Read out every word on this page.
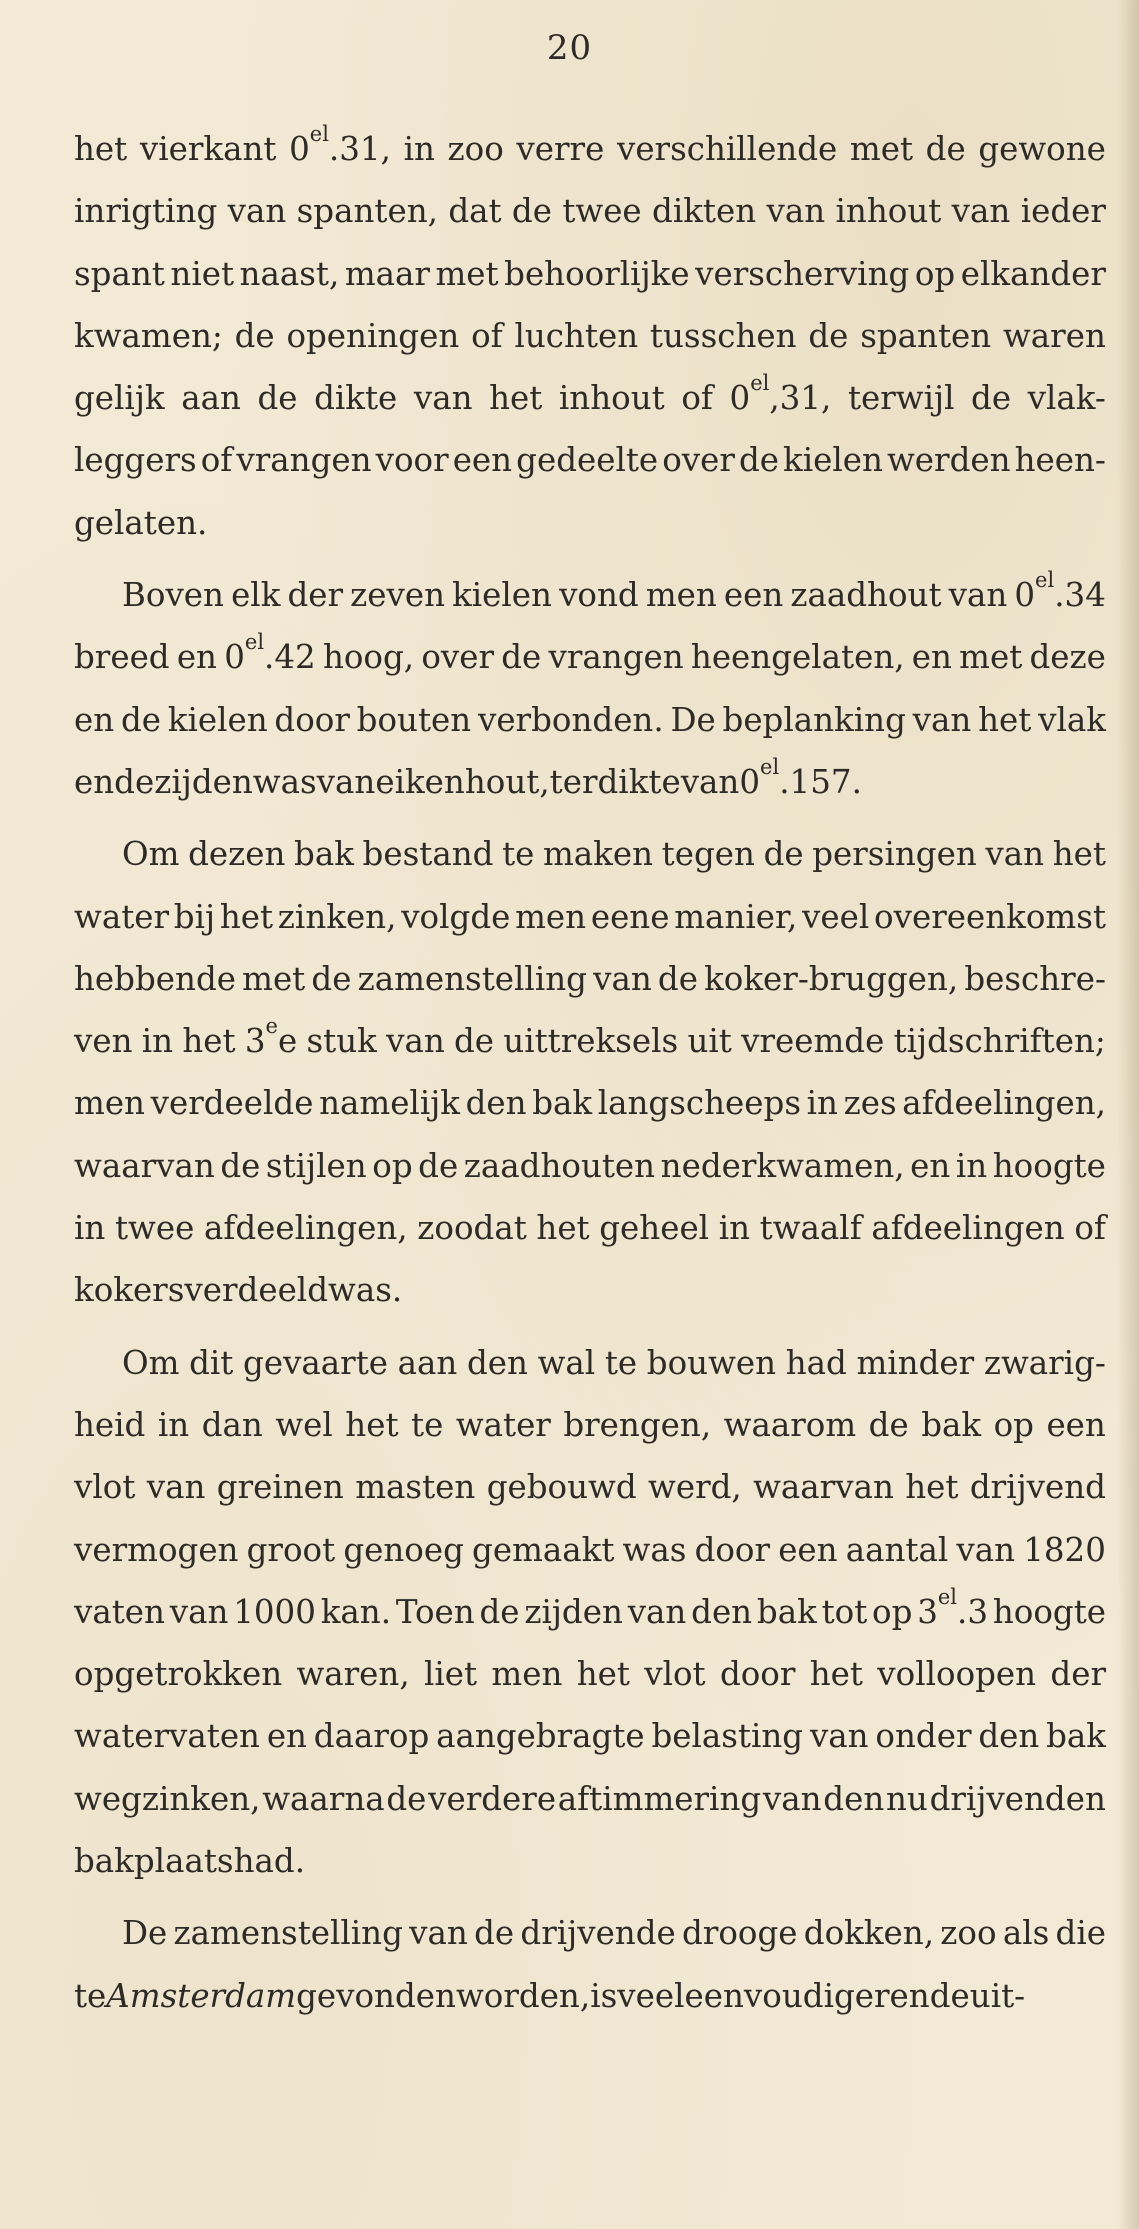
20
het vierkant $0^{el}.31$, in zoo verre verschillende met de gewone
inrigting van spanten, dat de twee dikten van inhout van ieder
spant niet naast, maar met behoorlijke verscherving op elkander
kwamen; de openingen of luchten tusschen de spanten waren
gelijk aan de dikte van het inhout of $0^{el},31$, terwijl de vlak-
leggers of vrangen voor een gedeelte over de kielen werden heen-
gelaten.
Boven elk der zeven kielen vond men een zaadhout van $0^{el}.34$
breed en $0^{el}.42$ hoog, over de vrangen heengelaten, en met deze
en de kielen door bouten verbonden. De beplanking van het vlak
en de zijden was van eikenhout, ter dikte van $0^{el}.157$.
Om dezen bak bestand te maken tegen de persingen van het
water bij het zinken, volgde men eene manier, veel overeenkomst
hebbende met de zamenstelling van de koker-bruggen, beschre-
ven in het 3ee stuk van de uittreksels uit vreemde tijdschriften;
men verdeelde namelijk den bak langscheeps in zes afdeelingen,
waarvan de stijlen op de zaadhouten nederkwamen, en in hoogte
in twee afdeelingen, zoodat het geheel in twaalf afdeelingen of
kokers verdeeld was.
Om dit gevaarte aan den wal te bouwen had minder zwarig-
heid in dan wel het te water brengen, waarom de bak op een
vlot van greinen masten gebouwd werd, waarvan het drijvend
vermogen groot genoeg gemaakt was door een aantal van 1820
vaten van 1000 kan. Toen de zijden van den bak tot op $3^{el}.3$ hoogte
opgetrokken waren, liet men het vlot door het volloopen der
watervaten en daarop aangebragte belasting van onder den bak
wegzinken, waarna de verdere aftimmering van den nu drijvenden
bak plaats had.
De zamenstelling van de drijvende drooge dokken, zoo als die
te Amsterdam gevonden worden, is veel eenvoudiger en de uit-
